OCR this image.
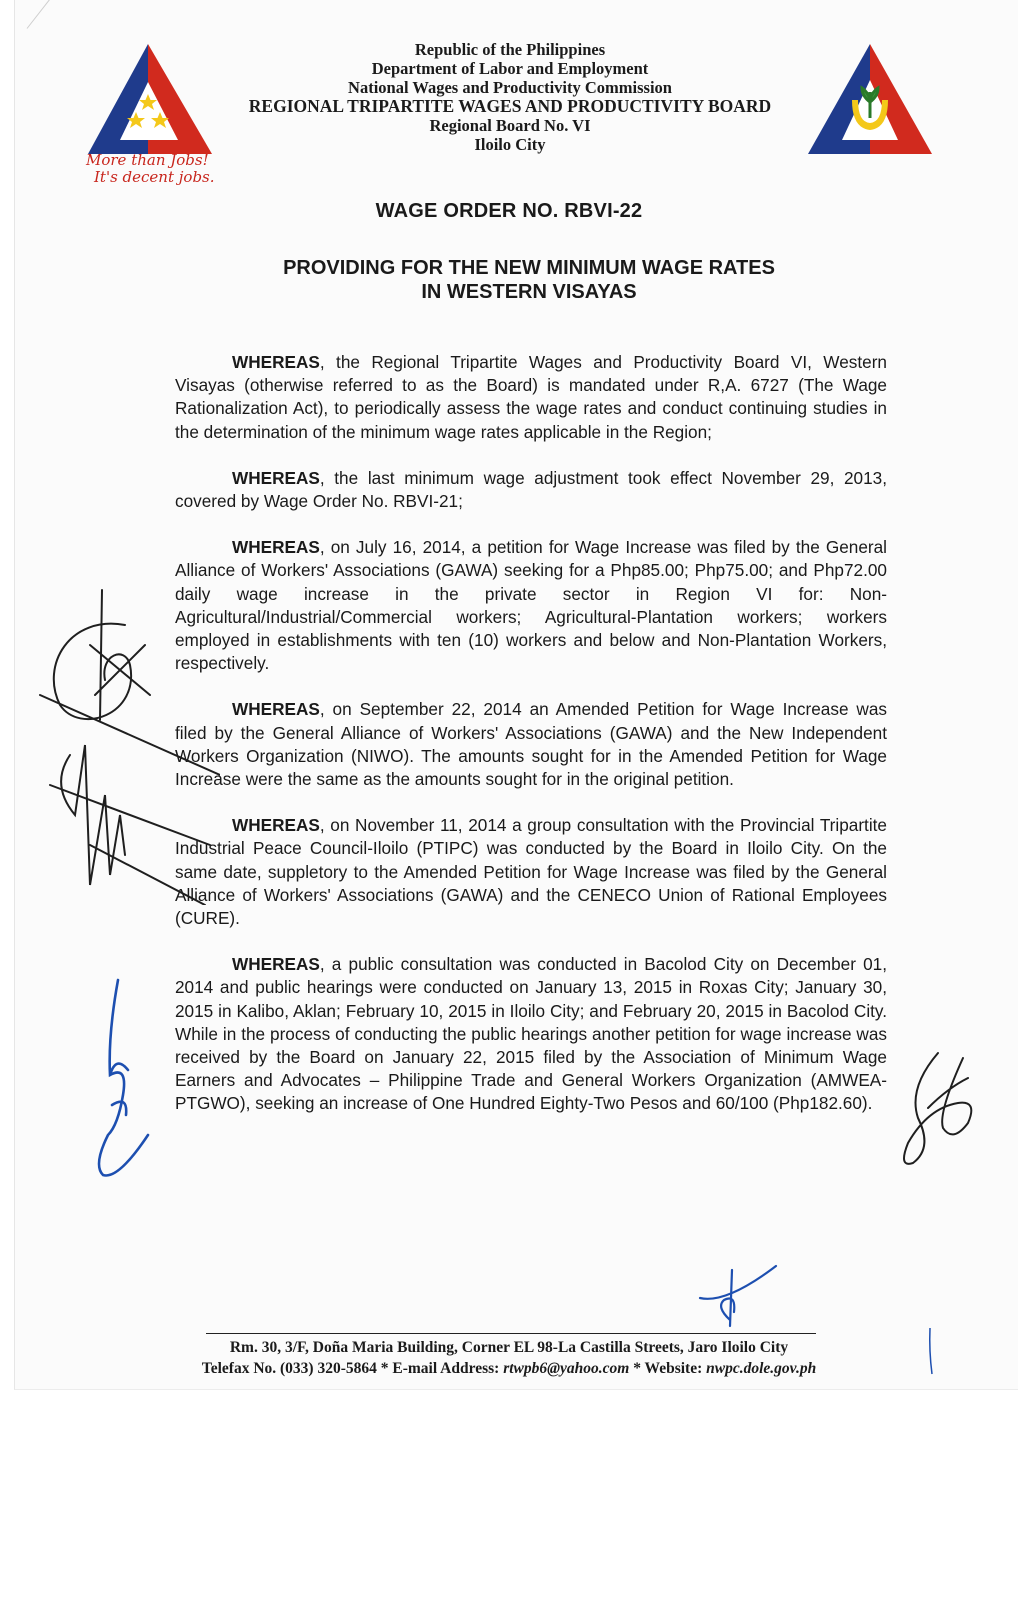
More than Jobs!
It's decent jobs.
Republic of the Philippines
Department of Labor and Employment
National Wages and Productivity Commission
REGIONAL TRIPARTITE WAGES AND PRODUCTIVITY BOARD
Regional Board No. VI
Iloilo City
WAGE ORDER NO. RBVI-22
PROVIDING FOR THE NEW MINIMUM WAGE RATES
IN WESTERN VISAYAS

WHEREAS, the Regional Tripartite Wages and Productivity Board VI, Western Visayas (otherwise referred to as the Board) is mandated under R,A. 6727 (The Wage Rationalization Act), to periodically assess the wage rates and conduct continuing studies in the determination of the minimum wage rates applicable in the Region;

WHEREAS, the last minimum wage adjustment took effect November 29, 2013, covered by Wage Order No. RBVI-21;

WHEREAS, on July 16, 2014, a petition for Wage Increase was filed by the General Alliance of Workers' Associations (GAWA) seeking for a Php85.00; Php75.00; and Php72.00 daily wage increase in the private sector in Region VI for: Non-Agricultural/Industrial/Commercial workers; Agricultural-Plantation workers; workers employed in establishments with ten (10) workers and below and Non-Plantation Workers, respectively.

WHEREAS, on September 22, 2014 an Amended Petition for Wage Increase was filed by the General Alliance of Workers' Associations (GAWA) and the New Independent Workers Organization (NIWO). The amounts sought for in the Amended Petition for Wage Increase were the same as the amounts sought for in the original petition.

WHEREAS, on November 11, 2014 a group consultation with the Provincial Tripartite Industrial Peace Council-Iloilo (PTIPC) was conducted by the Board in Iloilo City. On the same date, suppletory to the Amended Petition for Wage Increase was filed by the General Alliance of Workers' Associations (GAWA) and the CENECO Union of Rational Employees (CURE).

WHEREAS, a public consultation was conducted in Bacolod City on December 01, 2014 and public hearings were conducted on January 13, 2015 in Roxas City; January 30, 2015 in Kalibo, Aklan; February 10, 2015 in Iloilo City; and February 20, 2015 in Bacolod City. While in the process of conducting the public hearings another petition for wage increase was received by the Board on January 22, 2015 filed by the Association of Minimum Wage Earners and Advocates – Philippine Trade and General Workers Organization (AMWEA-PTGWO), seeking an increase of One Hundred Eighty-Two Pesos and 60/100 (Php182.60).

Rm. 30, 3/F, Doña Maria Building, Corner EL 98-La Castilla Streets, Jaro Iloilo City
Telefax No. (033) 320-5864 * E-mail Address: rtwpb6@yahoo.com * Website: nwpc.dole.gov.ph
